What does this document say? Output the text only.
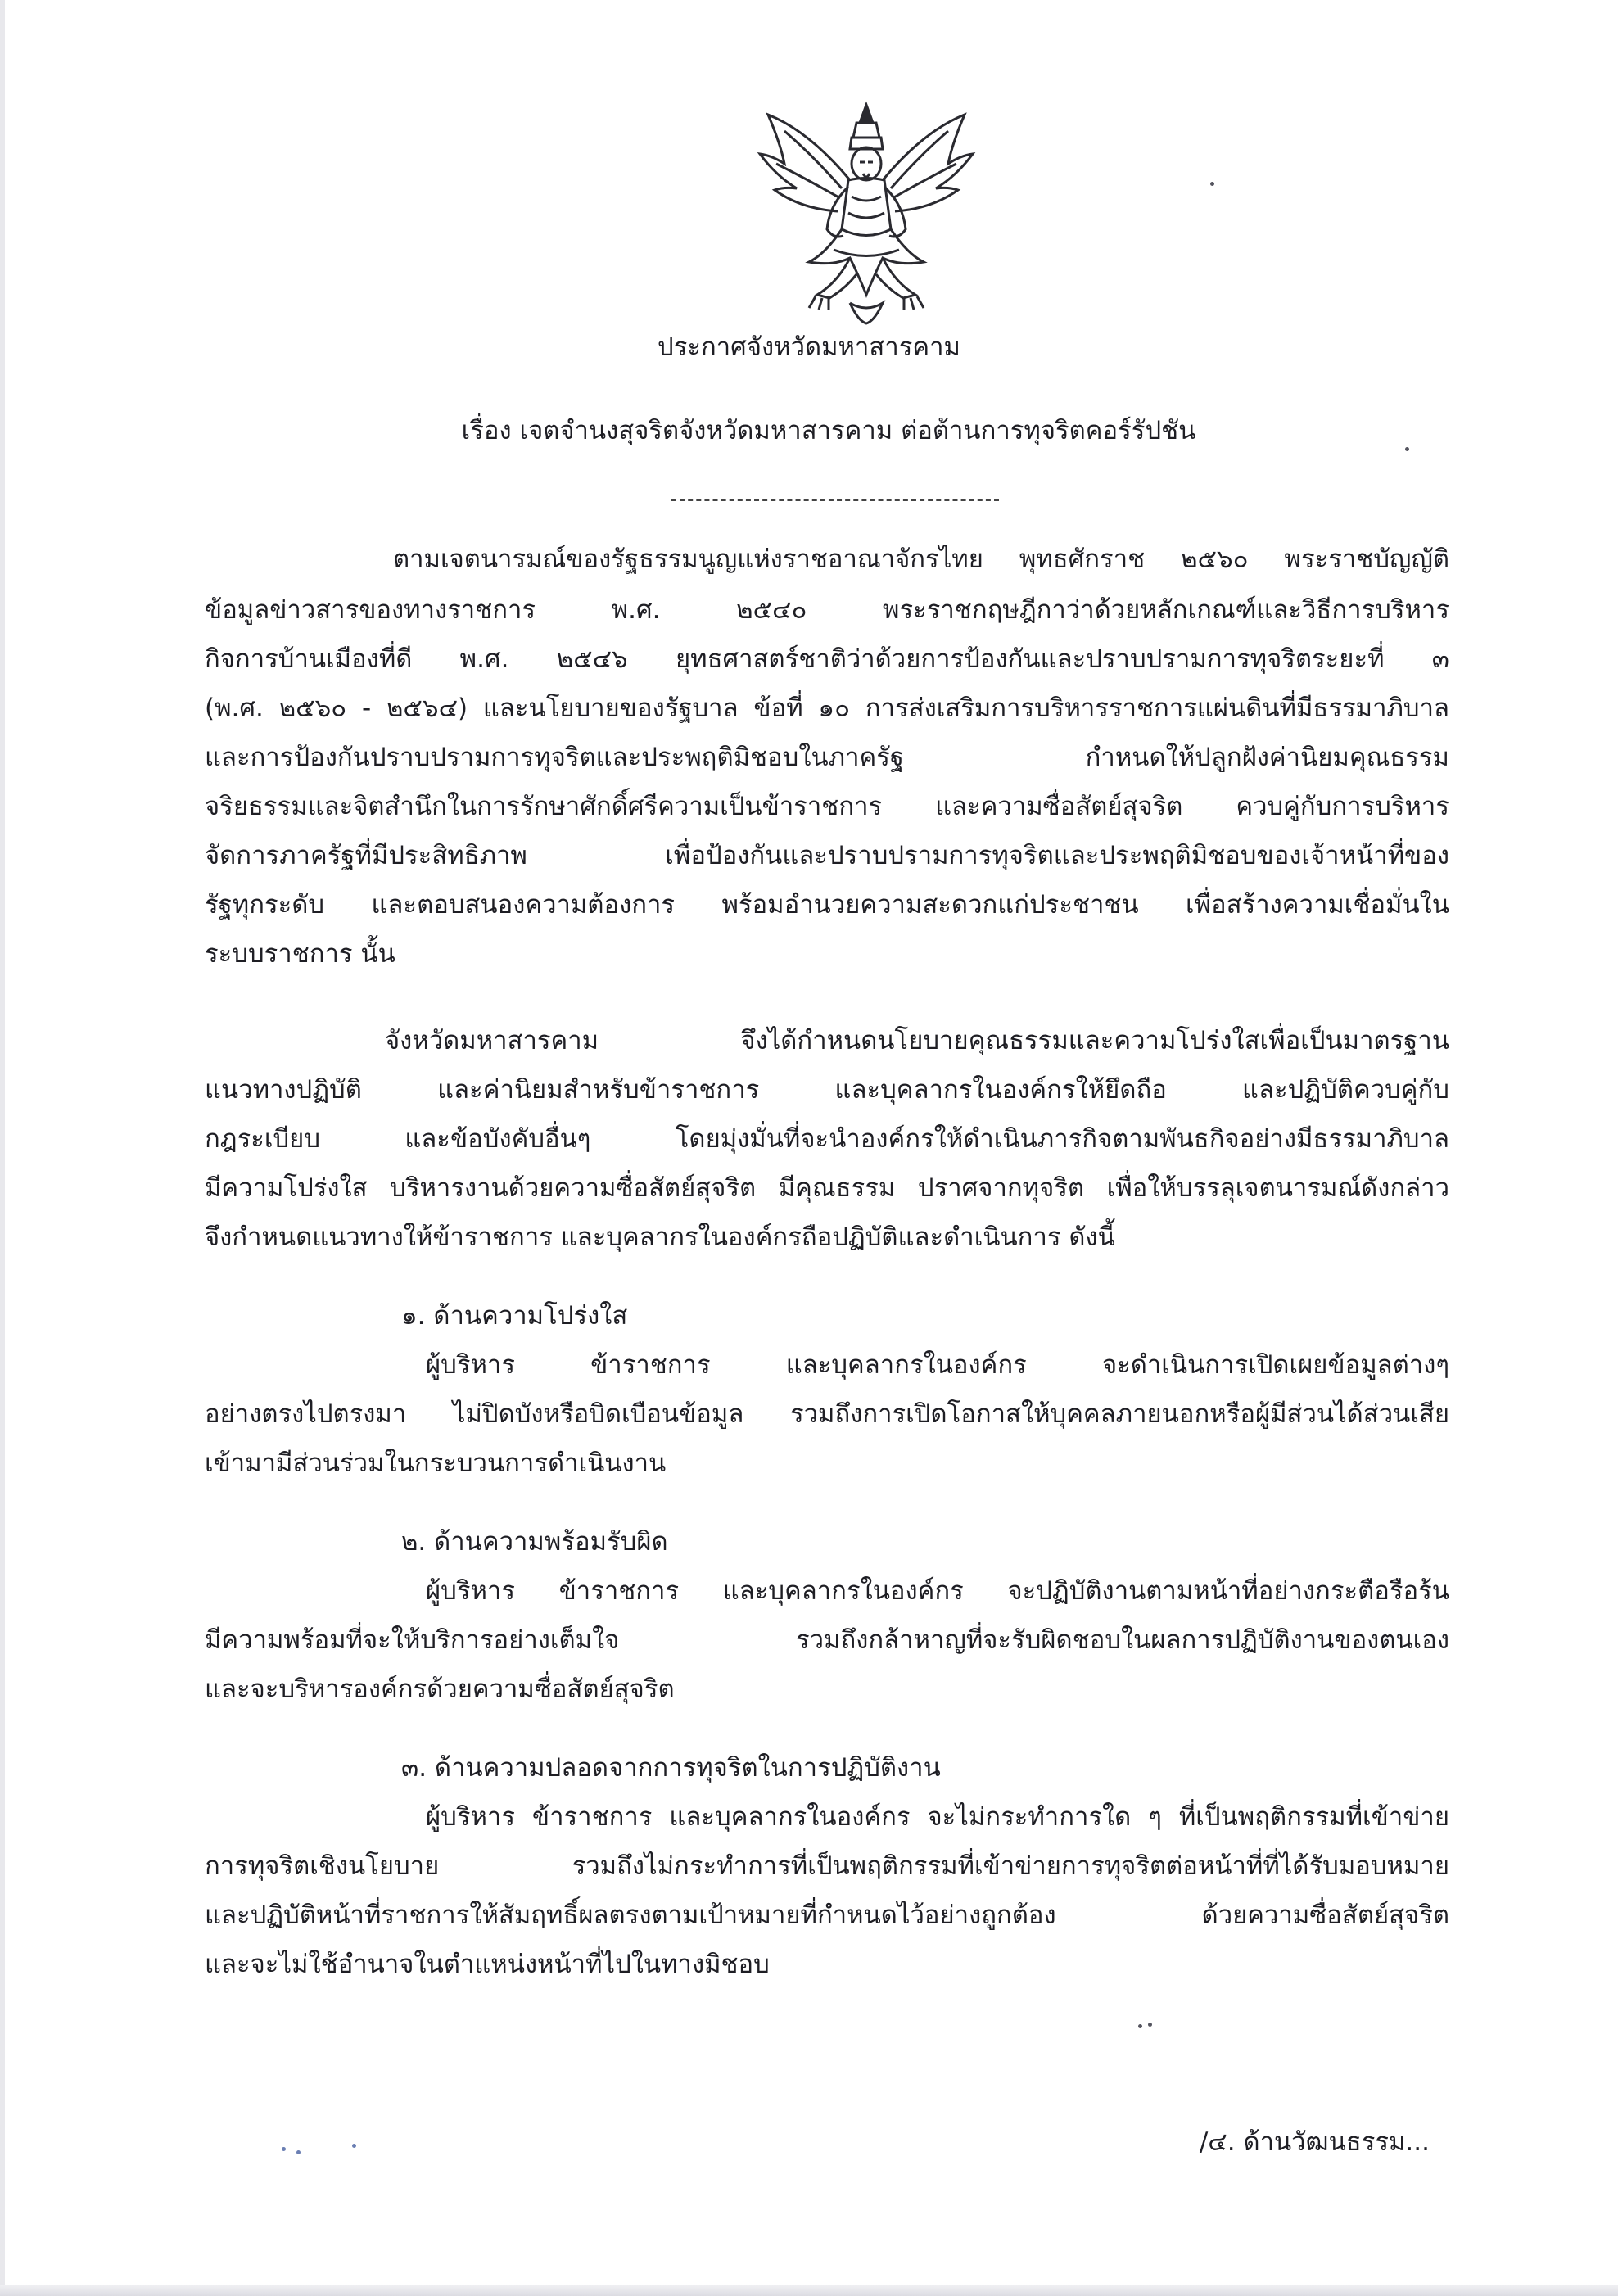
ประกาศจังหวัดมหาสารคาม
เรื่อง เจตจำนงสุจริตจังหวัดมหาสารคาม ต่อต้านการทุจริตคอร์รัปชัน
ตามเจตนารมณ์ของรัฐธรรมนูญแห่งราชอาณาจักรไทย พุทธศักราช ๒๕๖๐ พระราชบัญญัติ
ข้อมูลข่าวสารของทางราชการ พ.ศ. ๒๕๔๐ พระราชกฤษฎีกาว่าด้วยหลักเกณฑ์และวิธีการบริหาร
กิจการบ้านเมืองที่ดี พ.ศ. ๒๕๔๖ ยุทธศาสตร์ชาติว่าด้วยการป้องกันและปราบปรามการทุจริตระยะที่ ๓
(พ.ศ. ๒๕๖๐ - ๒๕๖๔) และนโยบายของรัฐบาล ข้อที่ ๑๐ การส่งเสริมการบริหารราชการแผ่นดินที่มีธรรมาภิบาล
และการป้องกันปราบปรามการทุจริตและประพฤติมิชอบในภาครัฐ กำหนดให้ปลูกฝังค่านิยมคุณธรรม
จริยธรรมและจิตสำนึกในการรักษาศักดิ์ศรีความเป็นข้าราชการ และความซื่อสัตย์สุจริต ควบคู่กับการบริหาร
จัดการภาครัฐที่มีประสิทธิภาพ เพื่อป้องกันและปราบปรามการทุจริตและประพฤติมิชอบของเจ้าหน้าที่ของ
รัฐทุกระดับ และตอบสนองความต้องการ พร้อมอำนวยความสะดวกแก่ประชาชน เพื่อสร้างความเชื่อมั่นใน
ระบบราชการ นั้น
จังหวัดมหาสารคาม จึงได้กำหนดนโยบายคุณธรรมและความโปร่งใสเพื่อเป็นมาตรฐาน
แนวทางปฏิบัติ และค่านิยมสำหรับข้าราชการ และบุคลากรในองค์กรให้ยึดถือ และปฏิบัติควบคู่กับ
กฎระเบียบ และข้อบังคับอื่นๆ โดยมุ่งมั่นที่จะนำองค์กรให้ดำเนินภารกิจตามพันธกิจอย่างมีธรรมาภิบาล
มีความโปร่งใส บริหารงานด้วยความซื่อสัตย์สุจริต มีคุณธรรม ปราศจากทุจริต เพื่อให้บรรลุเจตนารมณ์ดังกล่าว
จึงกำหนดแนวทางให้ข้าราชการ และบุคลากรในองค์กรถือปฏิบัติและดำเนินการ ดังนี้
๑. ด้านความโปร่งใส
ผู้บริหาร ข้าราชการ และบุคลากรในองค์กร จะดำเนินการเปิดเผยข้อมูลต่างๆ
อย่างตรงไปตรงมา ไม่ปิดบังหรือบิดเบือนข้อมูล รวมถึงการเปิดโอกาสให้บุคคลภายนอกหรือผู้มีส่วนได้ส่วนเสีย
เข้ามามีส่วนร่วมในกระบวนการดำเนินงาน
๒. ด้านความพร้อมรับผิด
ผู้บริหาร ข้าราชการ และบุคลากรในองค์กร จะปฏิบัติงานตามหน้าที่อย่างกระตือรือร้น
มีความพร้อมที่จะให้บริการอย่างเต็มใจ รวมถึงกล้าหาญที่จะรับผิดชอบในผลการปฏิบัติงานของตนเอง
และจะบริหารองค์กรด้วยความซื่อสัตย์สุจริต
๓. ด้านความปลอดจากการทุจริตในการปฏิบัติงาน
ผู้บริหาร ข้าราชการ และบุคลากรในองค์กร จะไม่กระทำการใด ๆ ที่เป็นพฤติกรรมที่เข้าข่าย
การทุจริตเชิงนโยบาย รวมถึงไม่กระทำการที่เป็นพฤติกรรมที่เข้าข่ายการทุจริตต่อหน้าที่ที่ได้รับมอบหมาย
และปฏิบัติหน้าที่ราชการให้สัมฤทธิ์ผลตรงตามเป้าหมายที่กำหนดไว้อย่างถูกต้อง ด้วยความซื่อสัตย์สุจริต
และจะไม่ใช้อำนาจในตำแหน่งหน้าที่ไปในทางมิชอบ
/๔. ด้านวัฒนธรรม...
